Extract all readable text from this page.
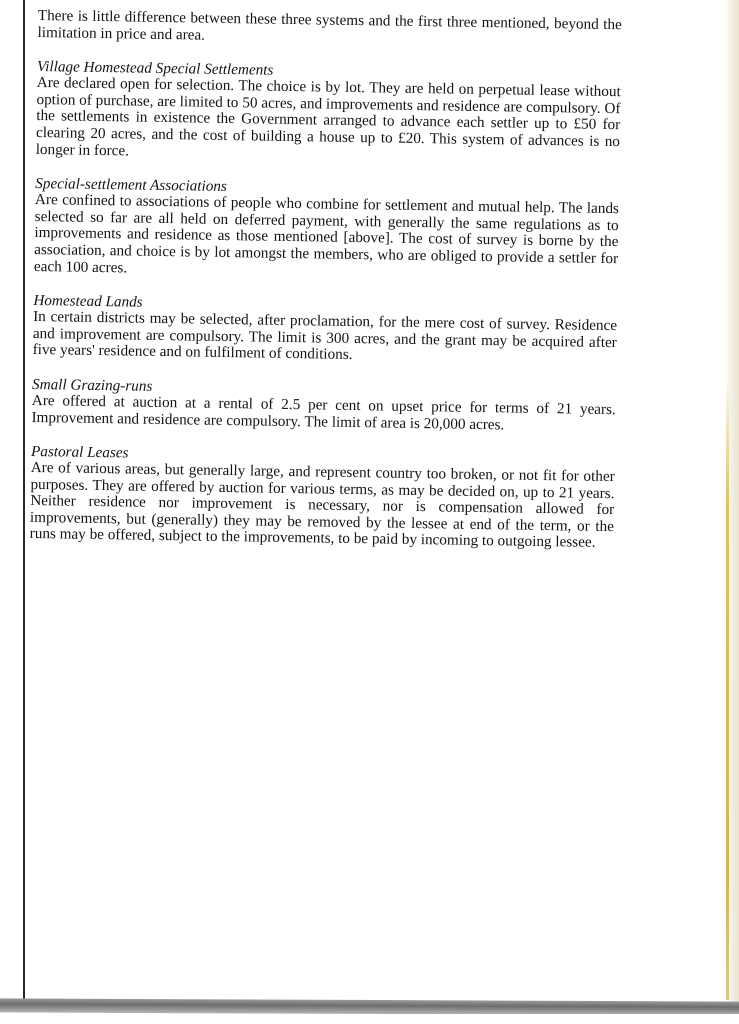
There is little difference between these three systems and the first three mentioned, beyond the limitation in price and area.

Village Homestead Special Settlements

Are declared open for selection. The choice is by lot. They are held on perpetual lease without option of purchase, are limited to 50 acres, and improvements and residence are compulsory. Of the settlements in existence the Government arranged to advance each settler up to £50 for clearing 20 acres, and the cost of building a house up to £20. This system of advances is no longer in force.

Special-settlement Associations

Are confined to associations of people who combine for settlement and mutual help. The lands selected so far are all held on deferred payment, with generally the same regulations as to improvements and residence as those mentioned [above]. The cost of survey is borne by the association, and choice is by lot amongst the members, who are obliged to provide a settler for each 100 acres.

Homestead Lands

In certain districts may be selected, after proclamation, for the mere cost of survey. Residence and improvement are compulsory. The limit is 300 acres, and the grant may be acquired after five years' residence and on fulfilment of conditions.

Small Grazing-runs

Are offered at auction at a rental of 2.5 per cent on upset price for terms of 21 years. Improvement and residence are compulsory. The limit of area is 20,000 acres.

Pastoral Leases

Are of various areas, but generally large, and represent country too broken, or not fit for other purposes. They are offered by auction for various terms, as may be decided on, up to 21 years. Neither residence nor improvement is necessary, nor is compensation allowed for improvements, but (generally) they may be removed by the lessee at end of the term, or the runs may be offered, subject to the improvements, to be paid by incoming to outgoing lessee.
